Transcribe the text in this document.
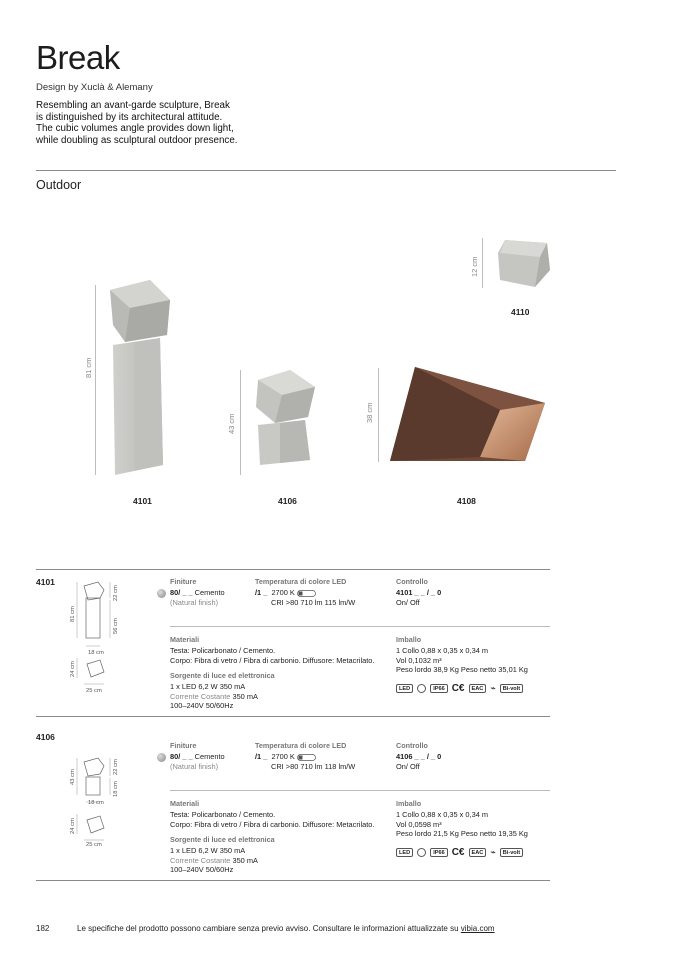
Break
Design by Xuclà & Alemany
Resembling an avant-garde sculpture, Break
is distinguished by its architectural attitude.
The cubic volumes angle provides down light,
while doubling as sculptural outdoor presence.
Outdoor
81 cm
4101
43 cm
4106
38 cm
4108
12 cm
4110
4101
81 cm
22 cm
56 cm
18 cm
24 cm
25 cm
Finiture
80/ _ _ Cemento
(Natural finish)
Temperatura di colore LED
/1 _ 2700 K
CRI >80 710 lm 115 lm/W
Controllo
4101 _ _ / _ 0
On/ Off
Materiali
Testa: Policarbonato / Cemento.
Corpo: Fibra di vetro / Fibra di carbonio. Diffusore: Metacrilato.
Sorgente di luce ed elettronica
1 x LED 6,2 W 350 mA
Corrente Costante 350 mA
100–240V 50/60Hz
Imballo
1 Collo 0,88 x 0,35 x 0,34 m
Vol 0,1032 m³
Peso lordo 38,9 Kg Peso netto 35,01 Kg
LED	IP66 C€ EAC ⌁ Bi-volt
4106
43 cm
22 cm
18 cm
18 cm
24 cm
25 cm
Finiture
80/ _ _ Cemento
(Natural finish)
Temperatura di colore LED
/1 _ 2700 K
CRI >80 710 lm 118 lm/W
Controllo
4106 _ _ / _ 0
On/ Off
Materiali
Testa: Policarbonato / Cemento.
Corpo: Fibra di vetro / Fibra di carbonio. Diffusore: Metacrilato.
Sorgente di luce ed elettronica
1 x LED 6,2 W 350 mA
Corrente Costante 350 mA
100–240V 50/60Hz
Imballo
1 Collo 0,88 x 0,35 x 0,34 m
Vol 0,0598 m³
Peso lordo 21,5 Kg Peso netto 19,35 Kg
LED	IP66 C€ EAC ⌁ Bi-volt
182	Le specifiche del prodotto possono cambiare senza previo avviso. Consultare le informazioni attualizzate su vibia.com
